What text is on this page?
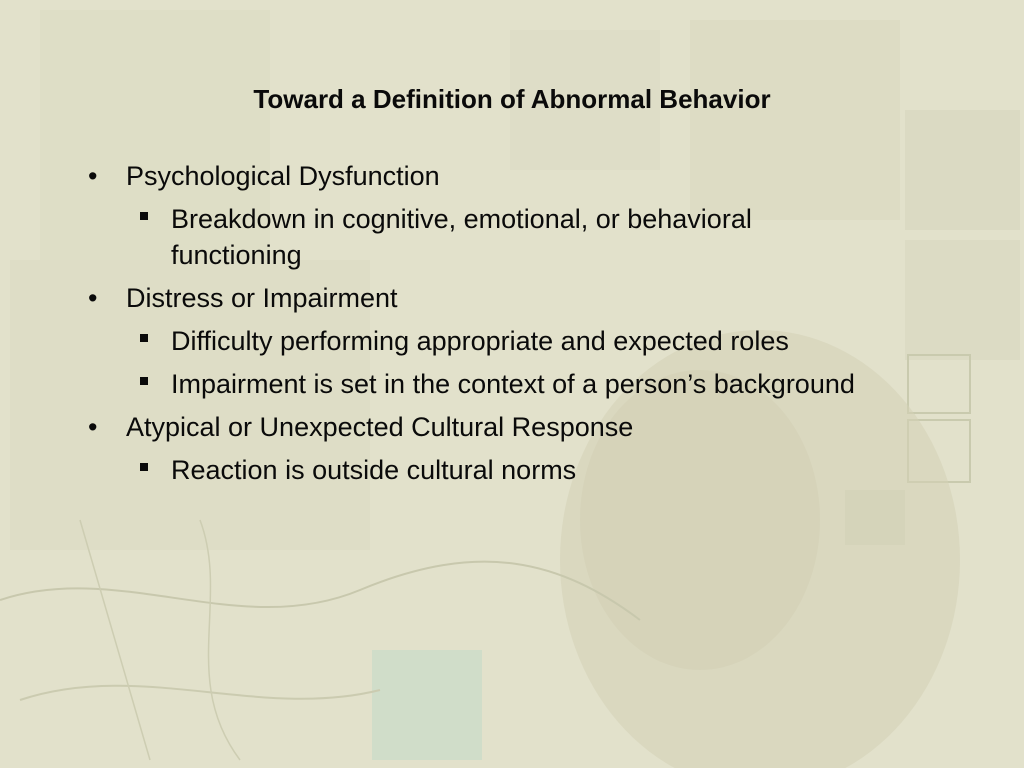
Toward a Definition of Abnormal Behavior
• Psychological Dysfunction
Breakdown in cognitive, emotional, or behavioral functioning
• Distress or Impairment
Difficulty performing appropriate and expected roles
Impairment is set in the context of a person’s background
• Atypical or Unexpected Cultural Response
Reaction is outside cultural norms
